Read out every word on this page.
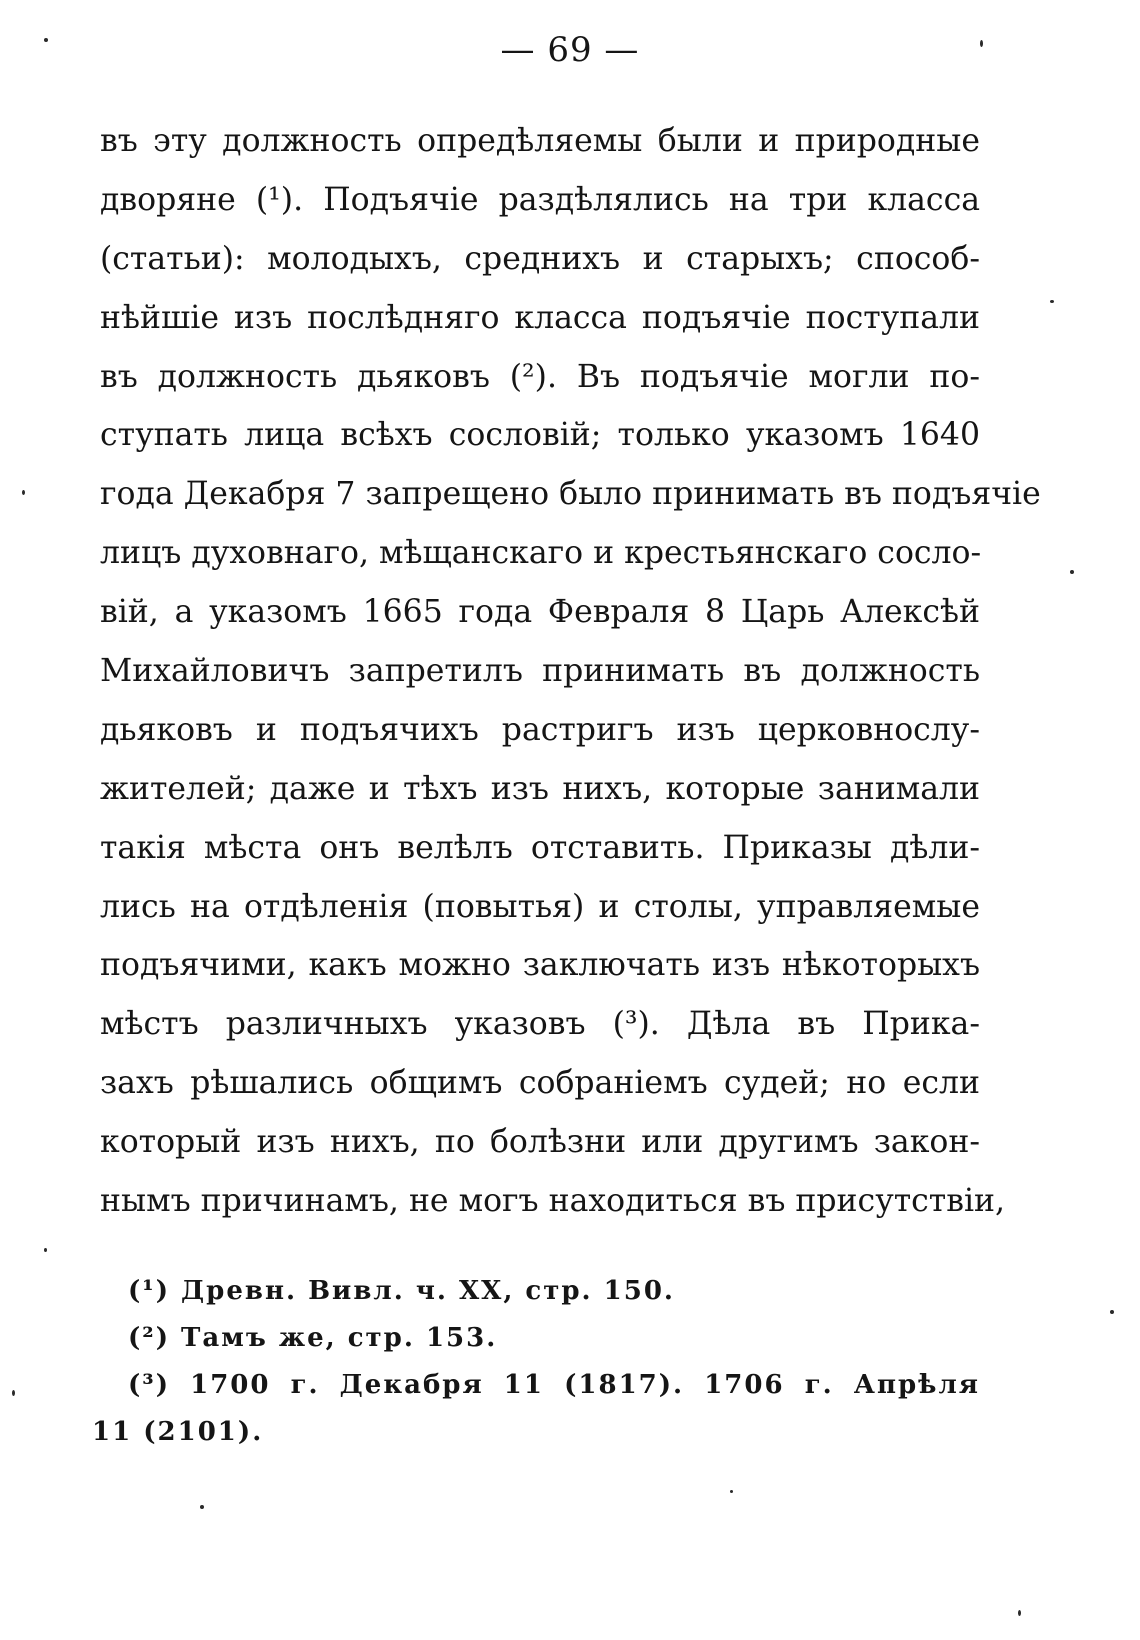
— 69 —
въ эту должность опредѣляемы были и природные
дворяне (¹). Подъячіе раздѣлялись на три класса
(статьи): молодыхъ, среднихъ и старыхъ; способ-
нѣйшіе изъ послѣдняго класса подъячіе поступали
въ должность дьяковъ (²). Въ подъячіе могли по-
ступать лица всѣхъ сословій; только указомъ 1640
года Декабря 7 запрещено было принимать въ подъячіе
лицъ духовнаго, мѣщанскаго и крестьянскаго сосло-
вій, а указомъ 1665 года Февраля 8 Царь Алексѣй
Михайловичъ запретилъ принимать въ должность
дьяковъ и подъячихъ растригъ изъ церковнослу-
жителей; даже и тѣхъ изъ нихъ, которые занимали
такія мѣста онъ велѣлъ отставить. Приказы дѣли-
лись на отдѣленія (повытья) и столы, управляемые
подъячими, какъ можно заключать изъ нѣкоторыхъ
мѣстъ различныхъ указовъ (³). Дѣла въ Прика-
захъ рѣшались общимъ собраніемъ судей; но если
который изъ нихъ, по болѣзни или другимъ закон-
нымъ причинамъ, не могъ находиться въ присутствіи,
(¹) Древн. Вивл. ч. XX, стр. 150.
(²) Тамъ же, стр. 153.
(³) 1700 г. Декабря 11 (1817). 1706 г. Апрѣля
11 (2101).
